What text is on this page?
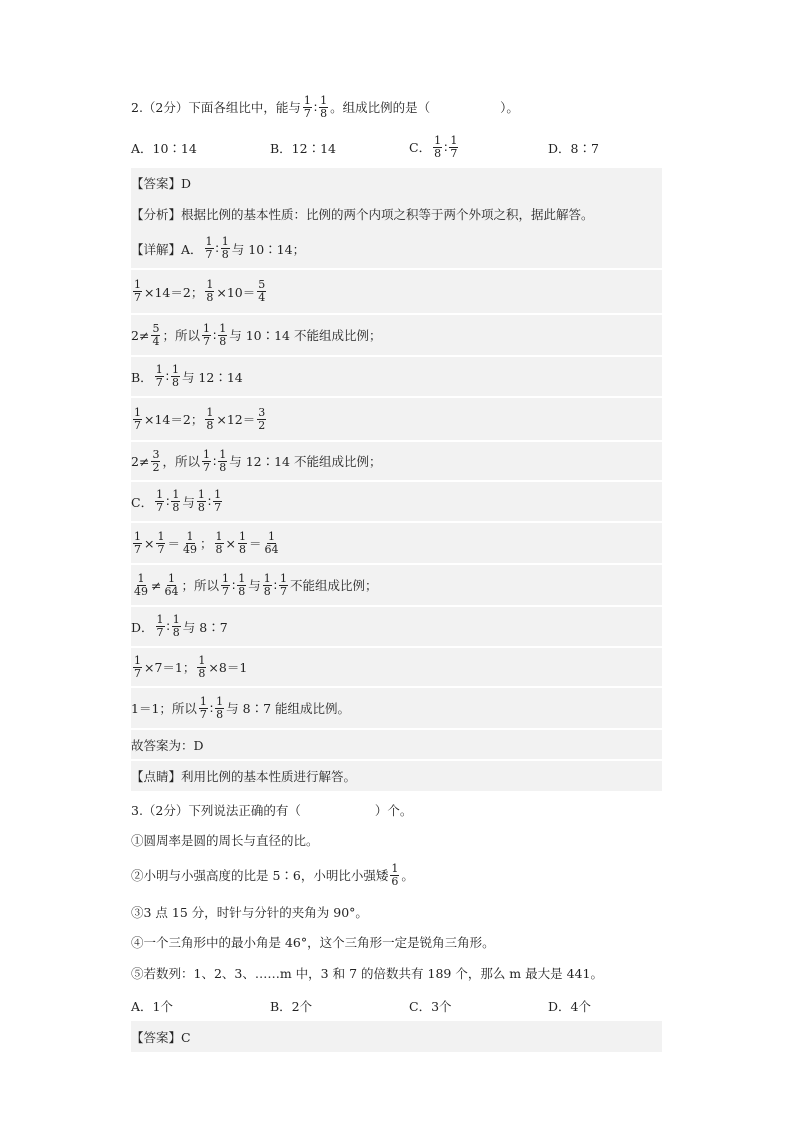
2.（2分）下面各组比中，能与 $\frac{1}{7}$ ∶ $\frac{1}{8}$ 。组成比例的是（	）。
A．10∶14	B．12∶14	C． $\frac{1}{8}$ ∶ $\frac{1}{7}$	D．8∶7
【答案】D
【分析】根据比例的基本性质：比例的两个内项之积等于两个外项之积，据此解答。
【详解】A． $\frac{1}{7}$ ∶ $\frac{1}{8}$ 与 10∶14；
$\frac{1}{7} \times 14=2$； $\frac{1}{8} \times 10= \frac{5}{4}$
$2\ne \frac{5}{4}$ ；所以 $\frac{1}{7}$ ∶ $\frac{1}{8}$ 与 10∶14 不能组成比例；
B． $\frac{1}{7}$ ∶ $\frac{1}{8}$ 与 12∶14
$\frac{1}{7} \times 14=2$； $\frac{1}{8} \times 12= \frac{3}{2}$
$2\ne \frac{3}{2}$ ，所以 $\frac{1}{7}$ ∶ $\frac{1}{8}$ 与 12∶14 不能组成比例；
C． $\frac{1}{7}$ ∶ $\frac{1}{8}$ 与 $\frac{1}{8}$ ∶ $\frac{1}{7}$
$\frac{1}{7} \times \frac{1}{7} = \frac{1}{49}$ ； $\frac{1}{8} \times \frac{1}{8} = \frac{1}{64}$
$\frac{1}{49} \ne \frac{1}{64}$ ；所以 $\frac{1}{7}$ ∶ $\frac{1}{8}$ 与 $\frac{1}{8}$ ∶ $\frac{1}{7}$ 不能组成比例；
D． $\frac{1}{7}$ ∶ $\frac{1}{8}$ 与 8∶7
$\frac{1}{7} \times 7=1$； $\frac{1}{8} \times 8=1$
1＝1；所以 $\frac{1}{7}$ ∶ $\frac{1}{8}$ 与 8∶7 能组成比例。
故答案为：D
【点睛】利用比例的基本性质进行解答。
3.（2分）下列说法正确的有（	）个。
①圆周率是圆的周长与直径的比。
②小明与小强高度的比是 5∶6，小明比小强矮 $\frac{1}{6}$ 。
③3 点 15 分，时针与分针的夹角为 90°。
④一个三角形中的最小角是 46°，这个三角形一定是锐角三角形。
⑤若数列：1、2、3、……m 中，3 和 7 的倍数共有 189 个，那么 m 最大是 441。
A．1个	B．2个	C．3个	D．4个
【答案】C
